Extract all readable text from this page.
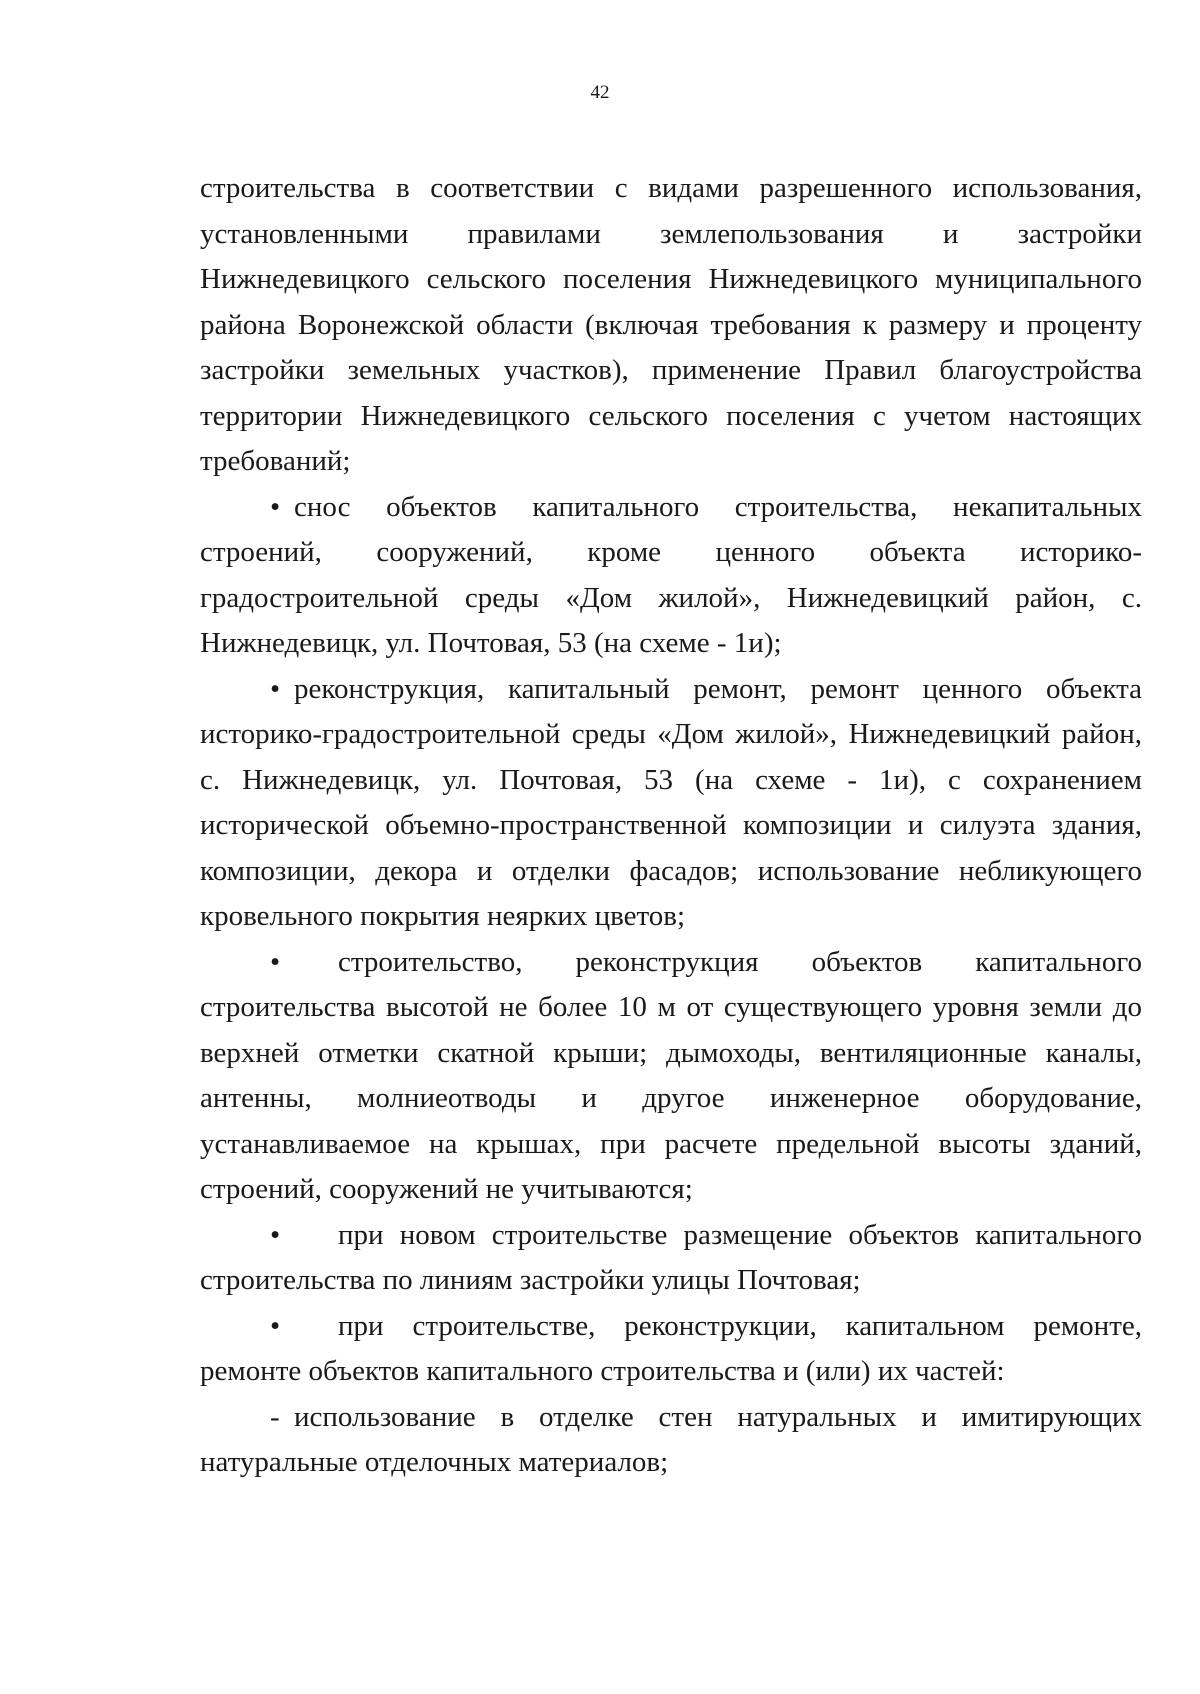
42

строительства в соответствии с видами разрешенного использования, установленными правилами землепользования и застройки Нижнедевицкого сельского поселения Нижнедевицкого муниципального района Воронежской области (включая требования к размеру и проценту застройки земельных участков), применение Правил благоустройства территории Нижнедевицкого сельского поселения с учетом настоящих требований;

• снос объектов капитального строительства, некапитальных строений, сооружений, кроме ценного объекта историко-градостроительной среды «Дом жилой», Нижнедевицкий район, с. Нижнедевицк, ул. Почтовая, 53 (на схеме - 1и);

• реконструкция, капитальный ремонт, ремонт ценного объекта историко-градостроительной среды «Дом жилой», Нижнедевицкий район, с. Нижнедевицк, ул. Почтовая, 53 (на схеме - 1и), с сохранением исторической объемно-пространственной композиции и силуэта здания, композиции, декора и отделки фасадов; использование небликующего кровельного покрытия неярких цветов;

• строительство, реконструкция объектов капитального строительства высотой не более 10 м от существующего уровня земли до верхней отметки скатной крыши; дымоходы, вентиляционные каналы, антенны, молниеотводы и другое инженерное оборудование, устанавливаемое на крышах, при расчете предельной высоты зданий, строений, сооружений не учитываются;

• при новом строительстве размещение объектов капитального строительства по линиям застройки улицы Почтовая;

• при строительстве, реконструкции, капитальном ремонте, ремонте объектов капитального строительства и (или) их частей:

- использование в отделке стен натуральных и имитирующих натуральные отделочных материалов;
